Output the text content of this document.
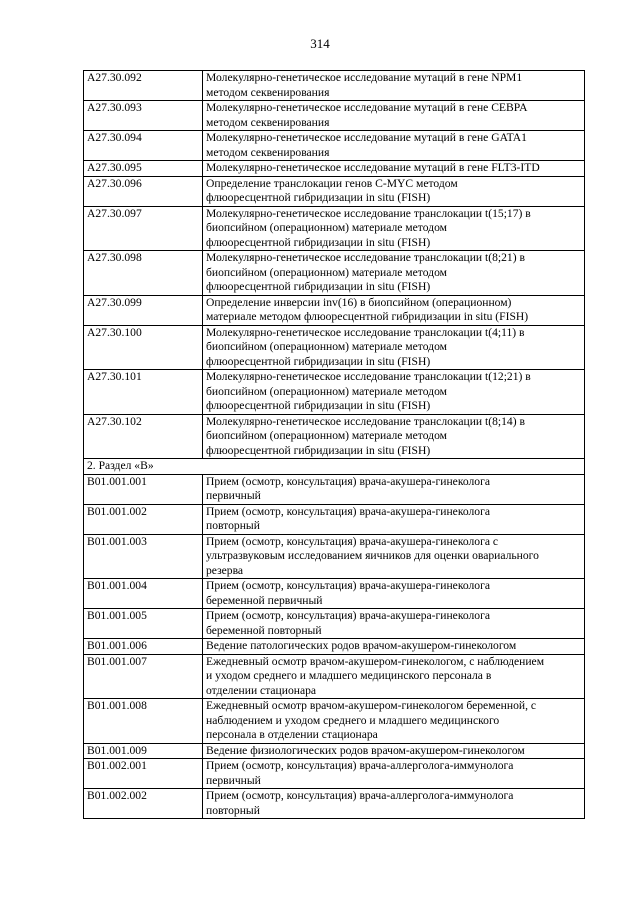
314
A27.30.092	Молекулярно-генетическое исследование мутаций в гене NPM1
методом секвенирования

A27.30.093	Молекулярно-генетическое исследование мутаций в гене CEBPA
методом секвенирования

A27.30.094	Молекулярно-генетическое исследование мутаций в гене GATA1
методом секвенирования

A27.30.095	Молекулярно-генетическое исследование мутаций в гене FLT3-ITD

A27.30.096	Определение транслокации генов C-MYC методом
флюоресцентной гибридизации in situ (FISH)

A27.30.097	Молекулярно-генетическое исследование транслокации t(15;17) в
биопсийном (операционном) материале методом
флюоресцентной гибридизации in situ (FISH)

A27.30.098	Молекулярно-генетическое исследование транслокации t(8;21) в
биопсийном (операционном) материале методом
флюоресцентной гибридизации in situ (FISH)

A27.30.099	Определение инверсии inv(16) в биопсийном (операционном)
материале методом флюоресцентной гибридизации in situ (FISH)

A27.30.100	Молекулярно-генетическое исследование транслокации t(4;11) в
биопсийном (операционном) материале методом
флюоресцентной гибридизации in situ (FISH)

A27.30.101	Молекулярно-генетическое исследование транслокации t(12;21) в
биопсийном (операционном) материале методом
флюоресцентной гибридизации in situ (FISH)

A27.30.102	Молекулярно-генетическое исследование транслокации t(8;14) в
биопсийном (операционном) материале методом
флюоресцентной гибридизации in situ (FISH)

2. Раздел «В»	
B01.001.001	Прием (осмотр, консультация) врача-акушера-гинеколога
первичный

B01.001.002	Прием (осмотр, консультация) врача-акушера-гинеколога
повторный

B01.001.003	Прием (осмотр, консультация) врача-акушера-гинеколога с
ультразвуковым исследованием яичников для оценки овариального
резерва

B01.001.004	Прием (осмотр, консультация) врача-акушера-гинеколога
беременной первичный

B01.001.005	Прием (осмотр, консультация) врача-акушера-гинеколога
беременной повторный

B01.001.006	Ведение патологических родов врачом-акушером-гинекологом

B01.001.007	Ежедневный осмотр врачом-акушером-гинекологом, с наблюдением
и уходом среднего и младшего медицинского персонала в
отделении стационара

B01.001.008	Ежедневный осмотр врачом-акушером-гинекологом беременной, с
наблюдением и уходом среднего и младшего медицинского
персонала в отделении стационара

B01.001.009	Ведение физиологических родов врачом-акушером-гинекологом

B01.002.001	Прием (осмотр, консультация) врача-аллерголога-иммунолога
первичный

B01.002.002	Прием (осмотр, консультация) врача-аллерголога-иммунолога
повторный
